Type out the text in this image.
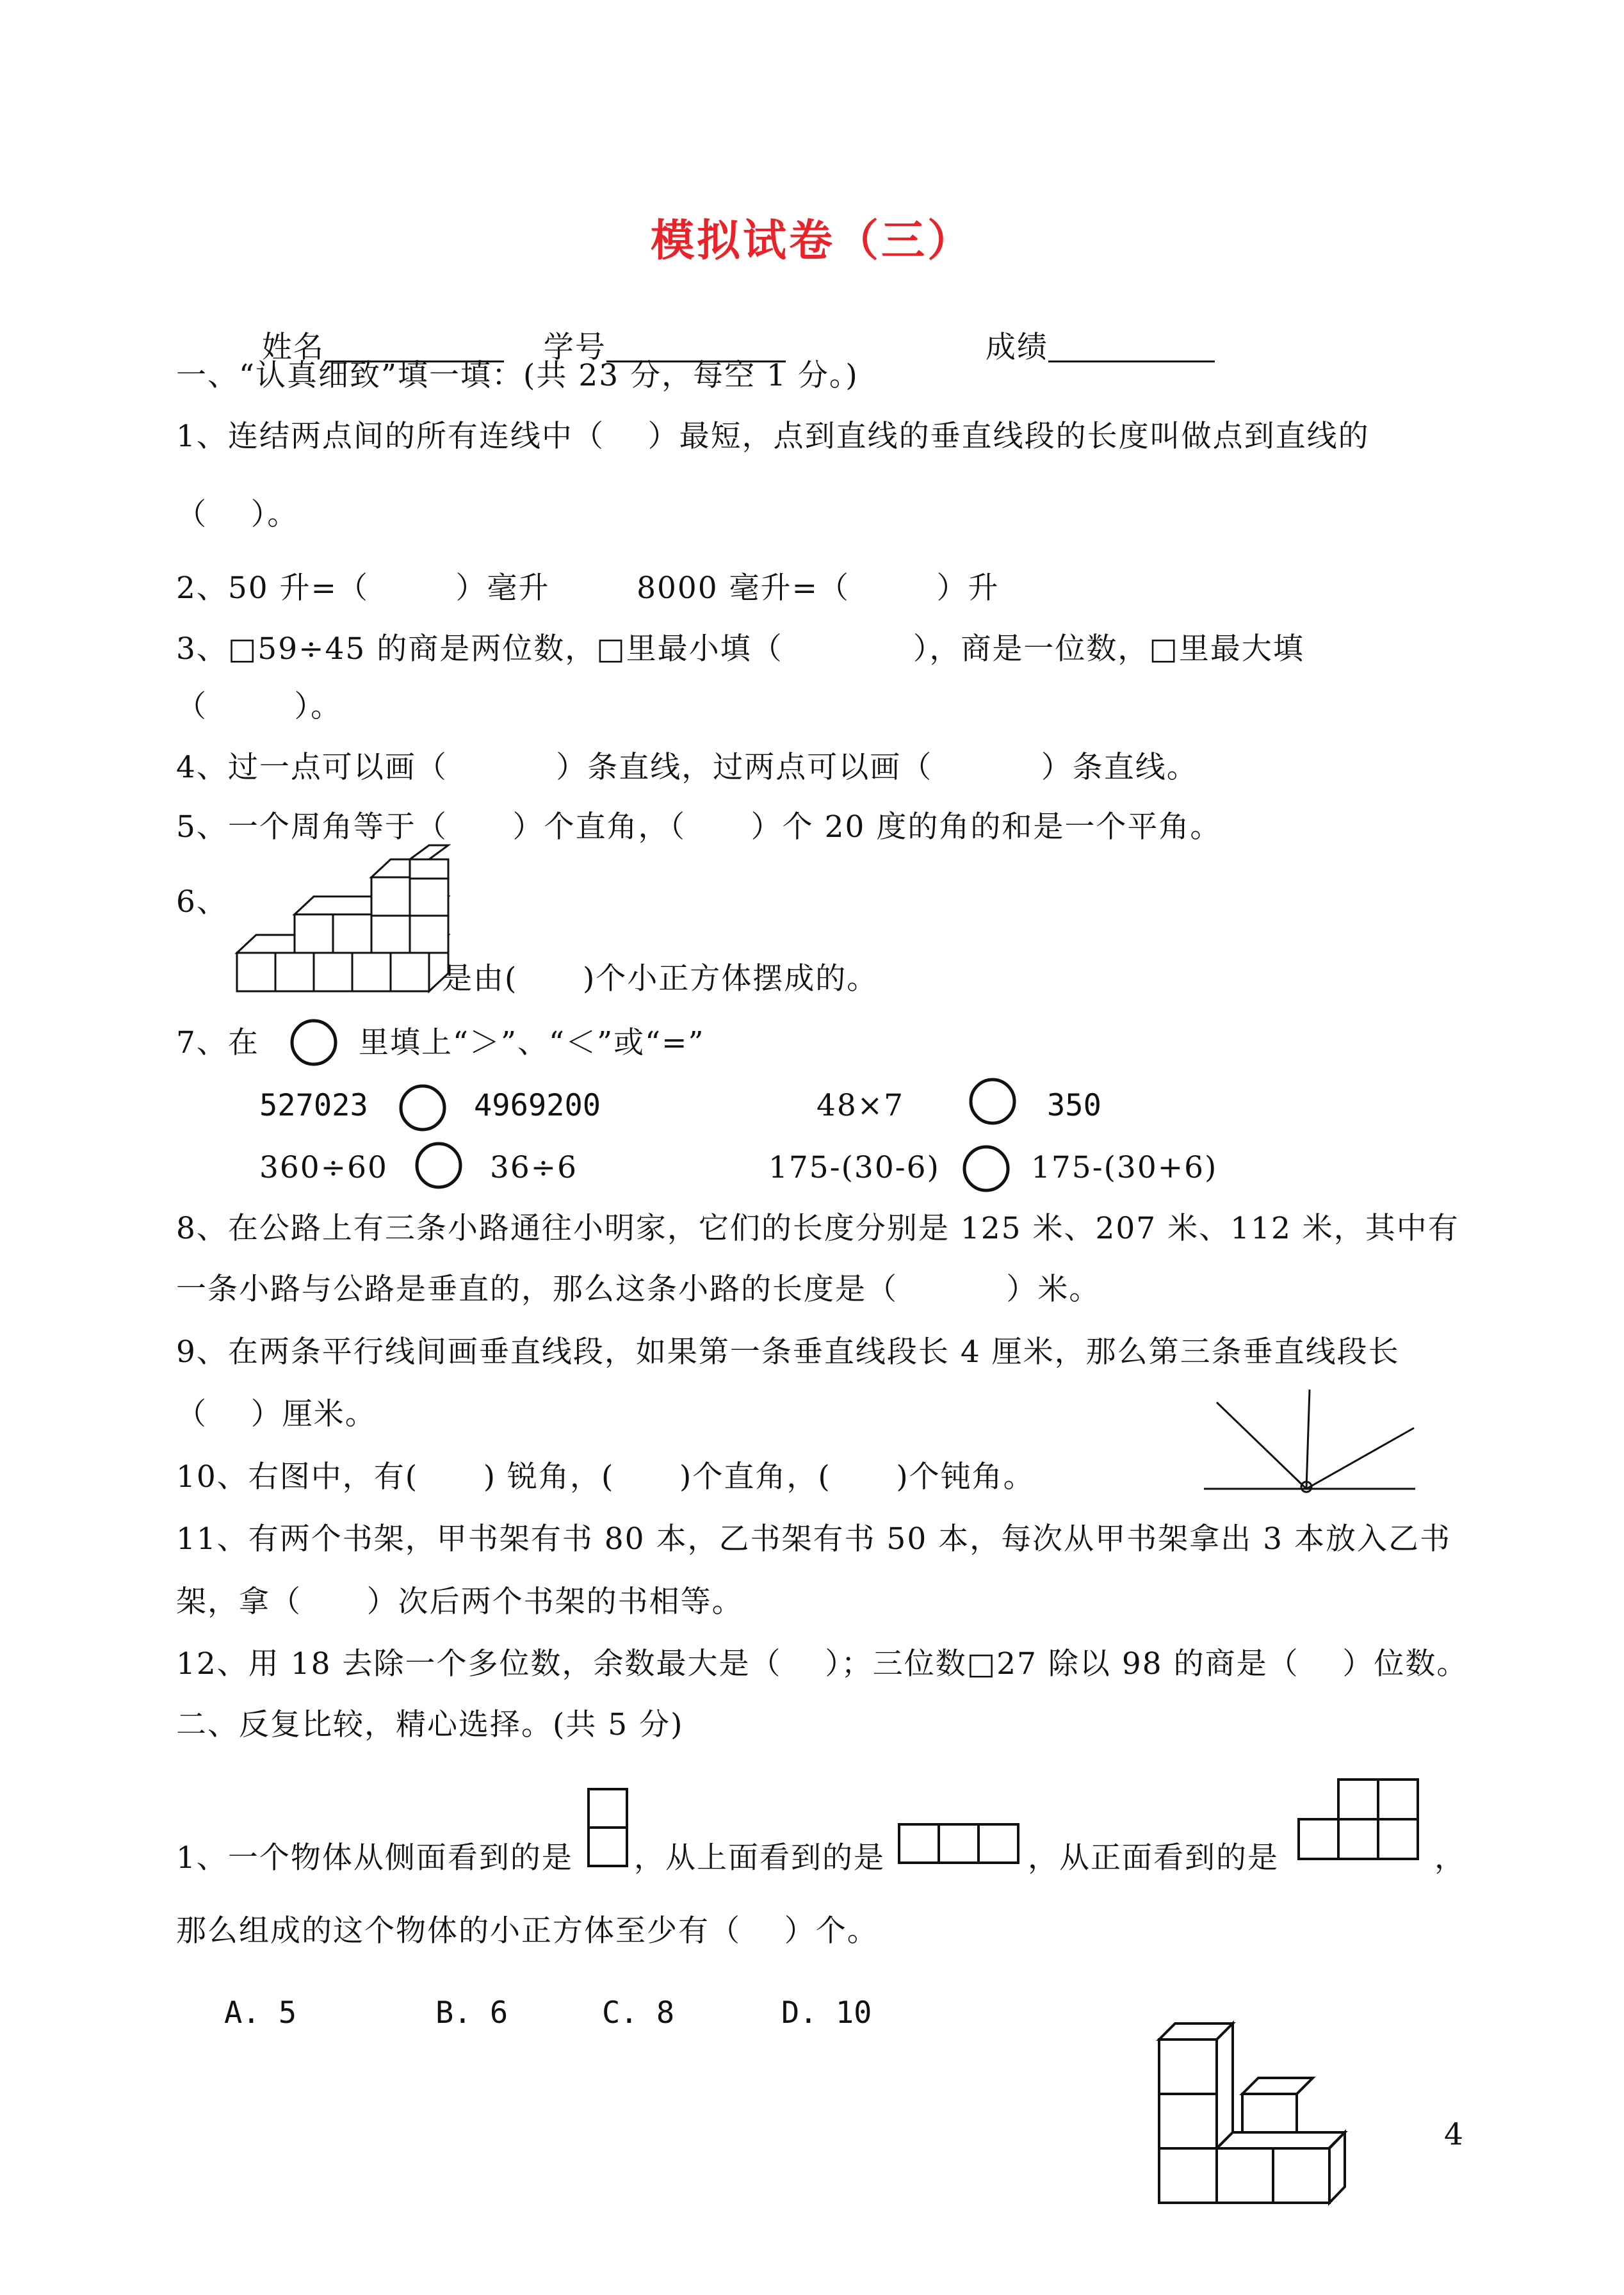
模拟试卷（三）

姓名	学号	成绩

一、“认真细致”填一填：(共 23 分，每空 1 分。)
1、连结两点间的所有连线中（    ）最短，点到直线的垂直线段的长度叫做点到直线的
（    ）。
2、50 升=（        ）毫升        8000 毫升=（        ）升
3、□59÷45 的商是两位数，□里最小填（            ），商是一位数，□里最大填
（        ）。
4、过一点可以画（          ）条直线，过两点可以画（          ）条直线。
5、一个周角等于（      ）个直角，（      ）个 20 度的角的和是一个平角。
6、
是由(      )个小正方体摆成的。
7、在	里填上“＞”、“＜”或“=”
527023	4969200	48×7	350
360÷60	36÷6	175-(30-6)	175-(30+6)
8、在公路上有三条小路通往小明家，它们的长度分别是 125 米、207 米、112 米，其中有
一条小路与公路是垂直的，那么这条小路的长度是（          ）米。
9、在两条平行线间画垂直线段，如果第一条垂直线段长 4 厘米，那么第三条垂直线段长
（    ）厘米。
10、右图中，有(      ) 锐角，(      )个直角，(      )个钝角。
11、有两个书架，甲书架有书 80 本，乙书架有书 50 本，每次从甲书架拿出 3 本放入乙书
架，拿（      ）次后两个书架的书相等。
12、用 18 去除一个多位数，余数最大是（    ）；三位数□27 除以 98 的商是（    ）位数。
二、反复比较，精心选择。(共 5 分)
1、一个物体从侧面看到的是 ，从上面看到的是	，从正面看到的是	，
那么组成的这个物体的小正方体至少有（    ）个。
A. 5	B. 6	C. 8	D. 10
4
